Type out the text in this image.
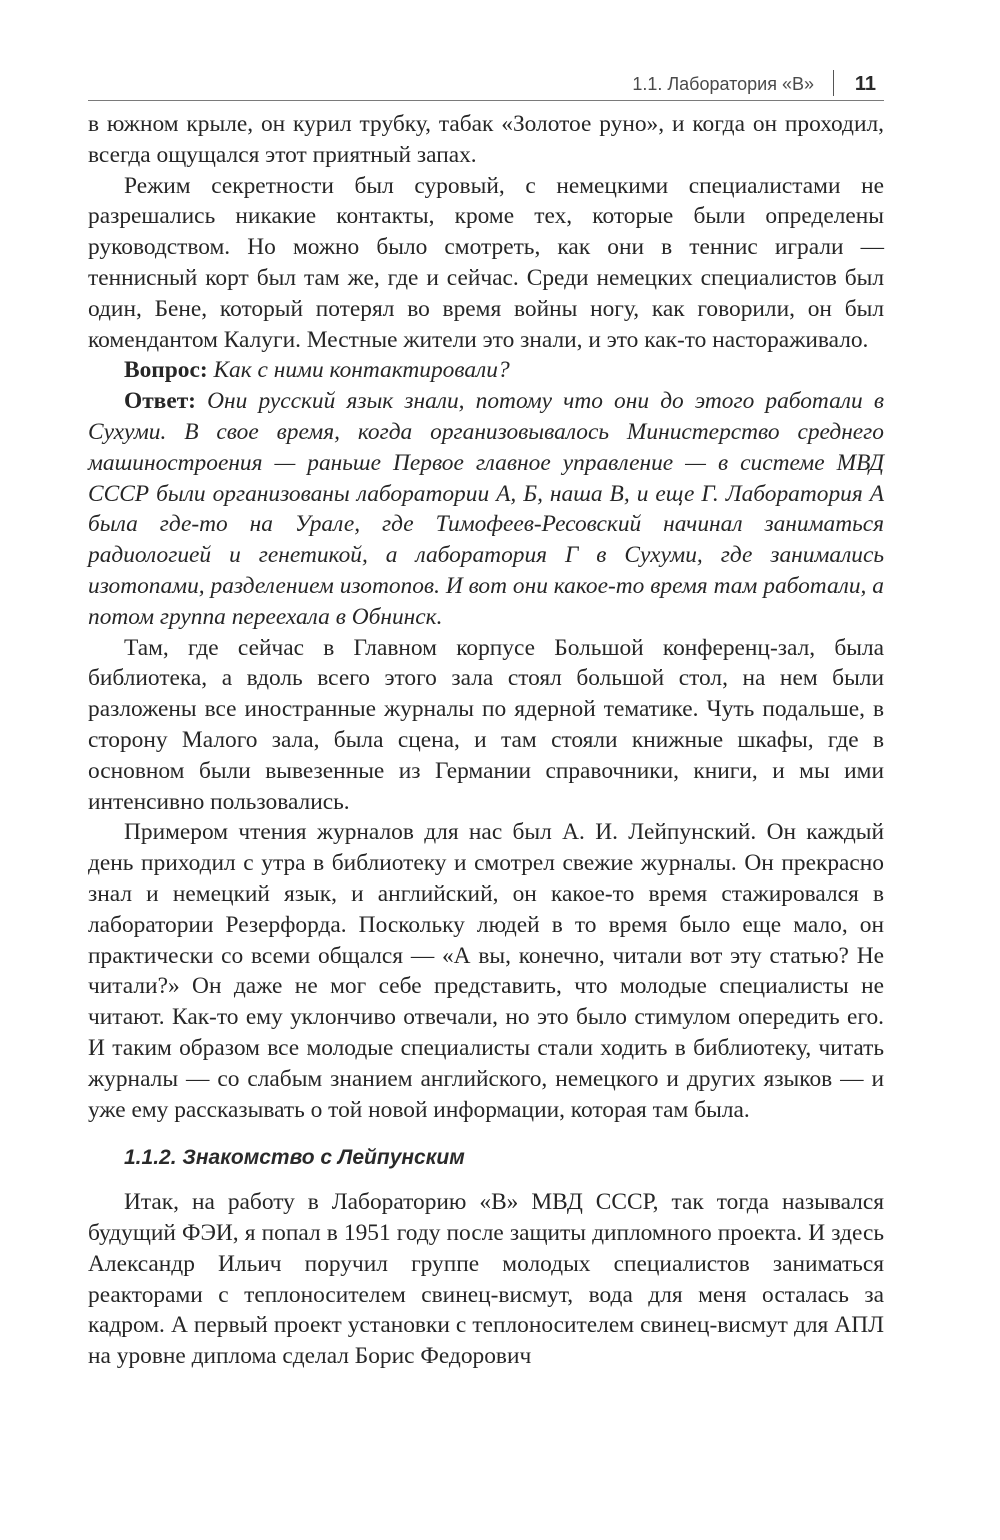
1.1. Лаборатория «В» 11

в южном крыле, он курил трубку, табак «Золотое руно», и когда он проходил, всегда ощущался этот приятный запах.

Режим секретности был суровый, с немецкими специалистами не разрешались никакие контакты, кроме тех, которые были определены руководством. Но можно было смотреть, как они в теннис играли — теннисный корт был там же, где и сейчас. Среди немецких специалистов был один, Бене, который потерял во время войны ногу, как говорили, он был комендантом Калуги. Местные жители это знали, и это как-то настораживало.

Вопрос: Как с ними контактировали?

Ответ: Они русский язык знали, потому что они до этого работали в Сухуми. В свое время, когда организовывалось Министерство среднего машиностроения — раньше Первое главное управление — в системе МВД СССР были организованы лаборатории А, Б, наша В, и еще Г. Лаборатория А была где-то на Урале, где Тимофеев-Ресовский начинал заниматься радиологией и генетикой, а лаборатория Г в Сухуми, где занимались изотопами, разделением изотопов. И вот они какое-то время там работали, а потом группа переехала в Обнинск.

Там, где сейчас в Главном корпусе Большой конференц-зал, была библиотека, а вдоль всего этого зала стоял большой стол, на нем были разложены все иностранные журналы по ядерной тематике. Чуть подальше, в сторону Малого зала, была сцена, и там стояли книжные шкафы, где в основном были вывезенные из Германии справочники, книги, и мы ими интенсивно пользовались.

Примером чтения журналов для нас был А. И. Лейпунский. Он каждый день приходил с утра в библиотеку и смотрел свежие журналы. Он прекрасно знал и немецкий язык, и английский, он какое-то время стажировался в лаборатории Резерфорда. Поскольку людей в то время было еще мало, он практически со всеми общался — «А вы, конечно, читали вот эту статью? Не читали?» Он даже не мог себе представить, что молодые специалисты не читают. Как-то ему уклончиво отвечали, но это было стимулом опередить его. И таким образом все молодые специалисты стали ходить в библиотеку, читать журналы — со слабым знанием английского, немецкого и других языков — и уже ему рассказывать о той новой информации, которая там была.

1.1.2. Знакомство с Лейпунским

Итак, на работу в Лабораторию «В» МВД СССР, так тогда назывался будущий ФЭИ, я попал в 1951 году после защиты дипломного проекта. И здесь Александр Ильич поручил группе молодых специалистов заниматься реакторами с теплоносителем свинец-висмут, вода для меня осталась за кадром. А первый проект установки с теплоносителем свинец-висмут для АПЛ на уровне диплома сделал Борис Федорович
